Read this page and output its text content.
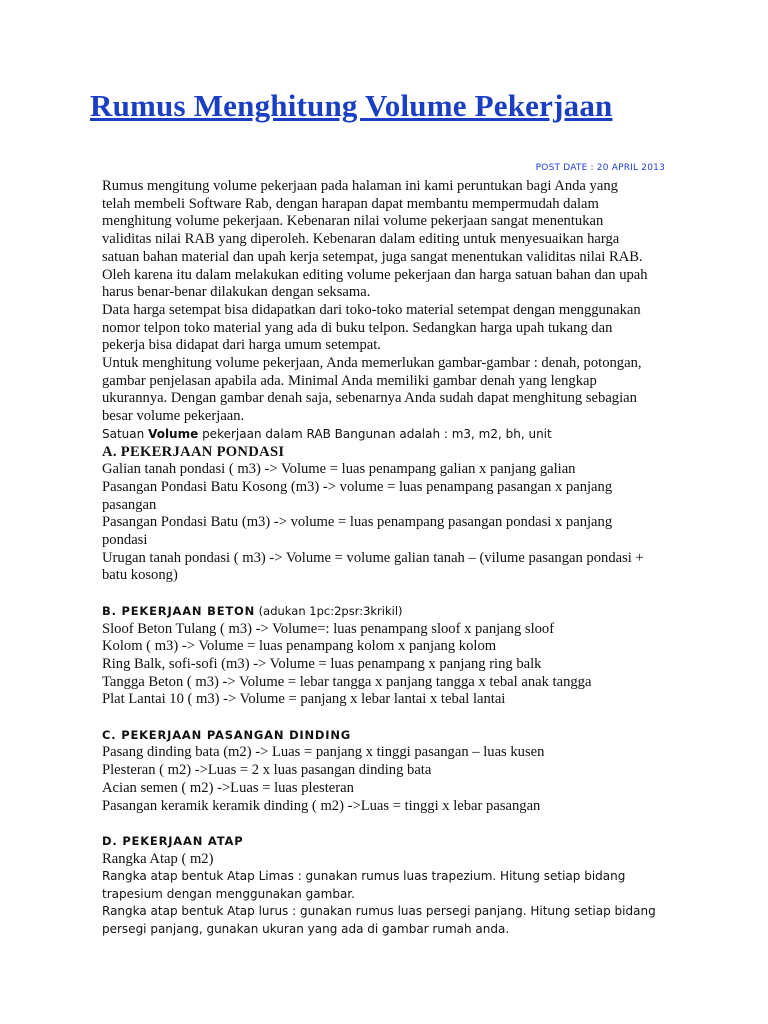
Rumus Menghitung Volume Pekerjaan
POST DATE : 20 APRIL 2013

Rumus mengitung volume pekerjaan pada halaman ini kami peruntukan bagi Anda yang

telah membeli Software Rab, dengan harapan dapat membantu mempermudah dalam

menghitung volume pekerjaan. Kebenaran nilai volume pekerjaan sangat menentukan

validitas nilai RAB yang diperoleh. Kebenaran dalam editing untuk menyesuaikan harga

satuan bahan material dan upah kerja setempat, juga sangat menentukan validitas nilai RAB.

Oleh karena itu dalam melakukan editing volume pekerjaan dan harga satuan bahan dan upah

harus benar-benar dilakukan dengan seksama.

Data harga setempat bisa didapatkan dari toko-toko material setempat dengan menggunakan

nomor telpon toko material yang ada di buku telpon. Sedangkan harga upah tukang dan

pekerja bisa didapat dari harga umum setempat.

Untuk menghitung volume pekerjaan, Anda memerlukan gambar-gambar : denah, potongan,

gambar penjelasan apabila ada. Minimal Anda memiliki gambar denah yang lengkap

ukurannya. Dengan gambar denah saja, sebenarnya Anda sudah dapat menghitung sebagian

besar volume pekerjaan.

Satuan Volume pekerjaan dalam RAB Bangunan adalah : m3, m2, bh, unit

A. PEKERJAAN PONDASI

Galian tanah pondasi ( m3) -> Volume = luas penampang galian x panjang galian

Pasangan Pondasi Batu Kosong (m3) -> volume = luas penampang pasangan x panjang

pasangan

Pasangan Pondasi Batu (m3) -> volume = luas penampang pasangan pondasi x panjang

pondasi

Urugan tanah pondasi ( m3) -> Volume = volume galian tanah – (vilume pasangan pondasi +

batu kosong)

B. PEKERJAAN BETON (adukan 1pc:2psr:3krikil)

Sloof Beton Tulang ( m3) -> Volume=: luas penampang sloof x panjang sloof

Kolom ( m3) -> Volume = luas penampang kolom x panjang kolom

Ring Balk, sofi-sofi (m3) -> Volume = luas penampang x panjang ring balk

Tangga Beton ( m3) -> Volume = lebar tangga x panjang tangga x tebal anak tangga

Plat Lantai 10 ( m3) -> Volume = panjang x lebar lantai x tebal lantai

C. PEKERJAAN PASANGAN DINDING

Pasang dinding bata (m2) -> Luas = panjang x tinggi pasangan – luas kusen

Plesteran ( m2) ->Luas = 2 x luas pasangan dinding bata

Acian semen ( m2) ->Luas = luas plesteran

Pasangan keramik keramik dinding ( m2) ->Luas = tinggi x lebar pasangan

D. PEKERJAAN ATAP

Rangka Atap ( m2)

Rangka atap bentuk Atap Limas : gunakan rumus luas trapezium. Hitung setiap bidang

trapesium dengan menggunakan gambar.

Rangka atap bentuk Atap lurus : gunakan rumus luas persegi panjang. Hitung setiap bidang

persegi panjang, gunakan ukuran yang ada di gambar rumah anda.
